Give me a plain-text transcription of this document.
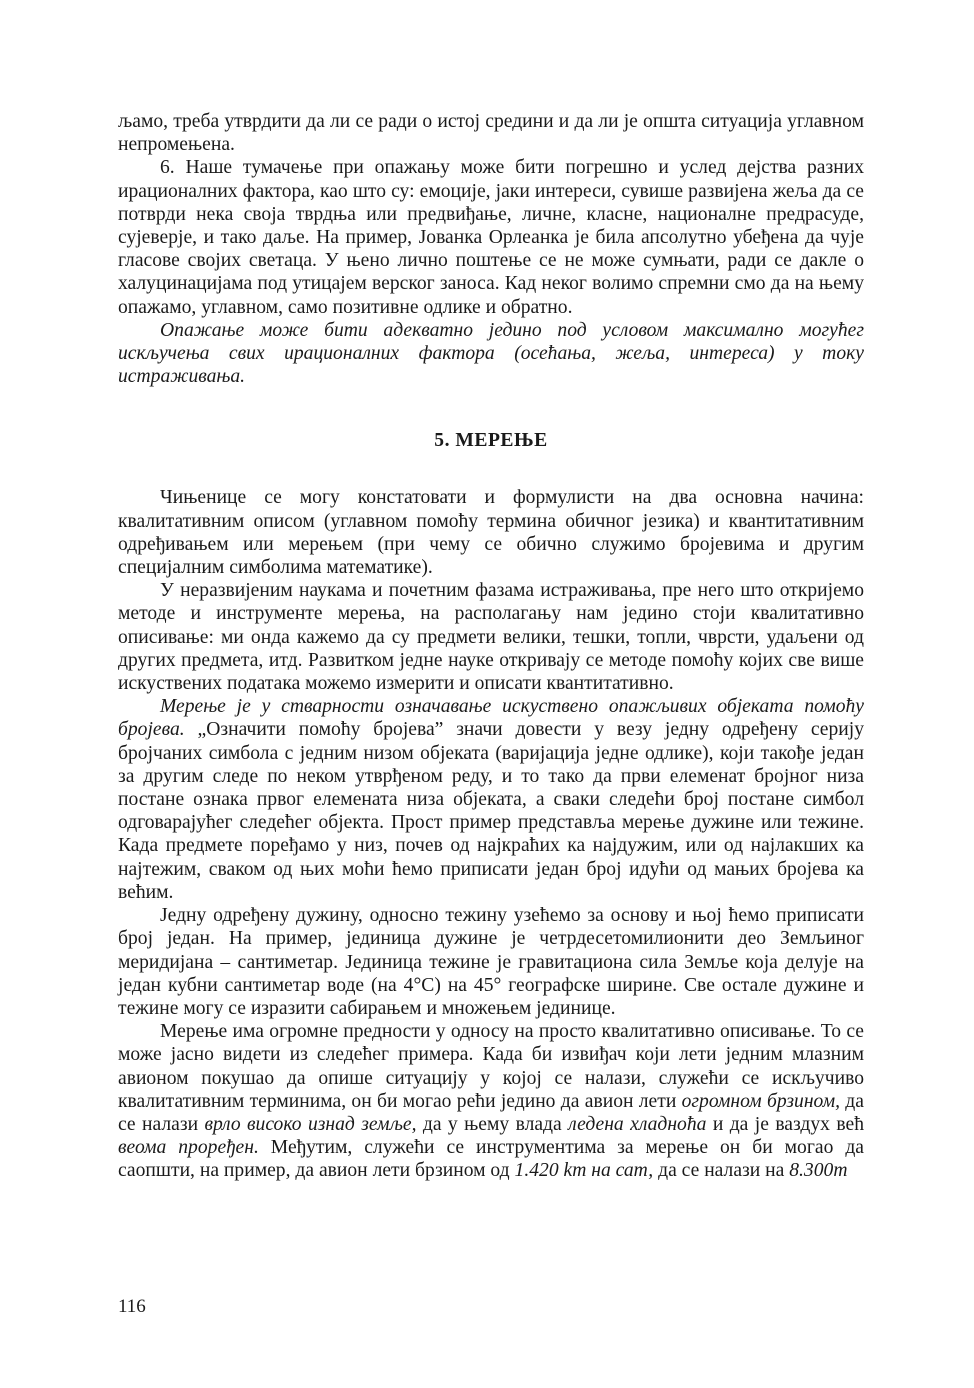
љамо, треба утврдити да ли се ради о истој средини и да ли је општа ситуација углавном непромењена.

6. Наше тумачење при опажању може бити погрешно и услед дејства разних ирационалних фактора, као што су: емоције, јаки интереси, сувише развијена жеља да се потврди нека своја тврдња или предвиђање, личне, класне, националне предрасуде, сујеверје, и тако даље. На пример, Јованка Орлеанка је била апсолутно убеђена да чује гласове својих светаца. У њено лично поштење се не може сумњати, ради се дакле о халуцинацијама под утицајем верског заноса. Кад неког волимо спремни смо да на њему опажамо, углавном, само позитивне одлике и обратно.

Опажање може бити адекватно једино под условом максимално могућег искључења свих ирационалних фактора (осећања, жеља, интереса) у току истраживања.

5. МЕРЕЊЕ

Чињенице се могу констатовати и формулисти на два основна начина: квалитативним описом (углавном помоћу термина обичног језика) и квантитативним одређивањем или мерењем (при чему се обично служимо бројевима и другим специјалним симболима математике).

У неразвијеним наукама и почетним фазама истраживања, пре него што откријемо методе и инструменте мерења, на располагању нам једино стоји квалитативно описивање: ми онда кажемо да су предмети велики, тешки, топли, чврсти, удаљени од других предмета, итд. Развитком једне науке откривају се методе помоћу којих све више искуствених података можемо измерити и описати квантитативно.

Мерење је у стварности означавање искуствено опажљивих објеката помоћу бројева. „Означити помоћу бројева” значи довести у везу једну одређену серију бројчаних симбола с једним низом објеката (варијација једне одлике), који такође један за другим следе по неком утврђеном реду, и то тако да први елеменат бројног низа постане ознака првог елемената низа објеката, а сваки следећи број постане симбол одговарајућег следећег објекта. Прост пример представља мерење дужине или тежине. Када предмете поређамо у низ, почев од најкраћих ка најдужим, или од најлакших ка најтежим, сваком од њих моћи ћемо приписати један број идући од мањих бројева ка већим.

Једну одређену дужину, односно тежину узећемо за основу и њој ћемо приписати број један. На пример, јединица дужине је четрдесетомилионити део Земљиног меридијана – сантиметар. Јединица тежине је гравитациона сила Земље која делује на један кубни сантиметар воде (на 4°C) на 45° географске ширине. Све остале дужине и тежине могу се изразити сабирањем и множењем јединице.

Мерење има огромне предности у односу на просто квалитативно описивање. То се може јасно видети из следећег примера. Када би извиђач који лети једним млазним авионом покушао да опише ситуацију у којој се налази, служећи се искључиво квалитативним терминима, он би могао рећи једино да авион лети огромном брзином, да се налази врло високо изнад земље, да у њему влада ледена хладноћа и да је ваздух већ веома проређен. Међутим, служећи се инструментима за мерење он би могао да саопшти, на пример, да авион лети брзином од 1.420 km на сат, да се налази на 8.300m

116
